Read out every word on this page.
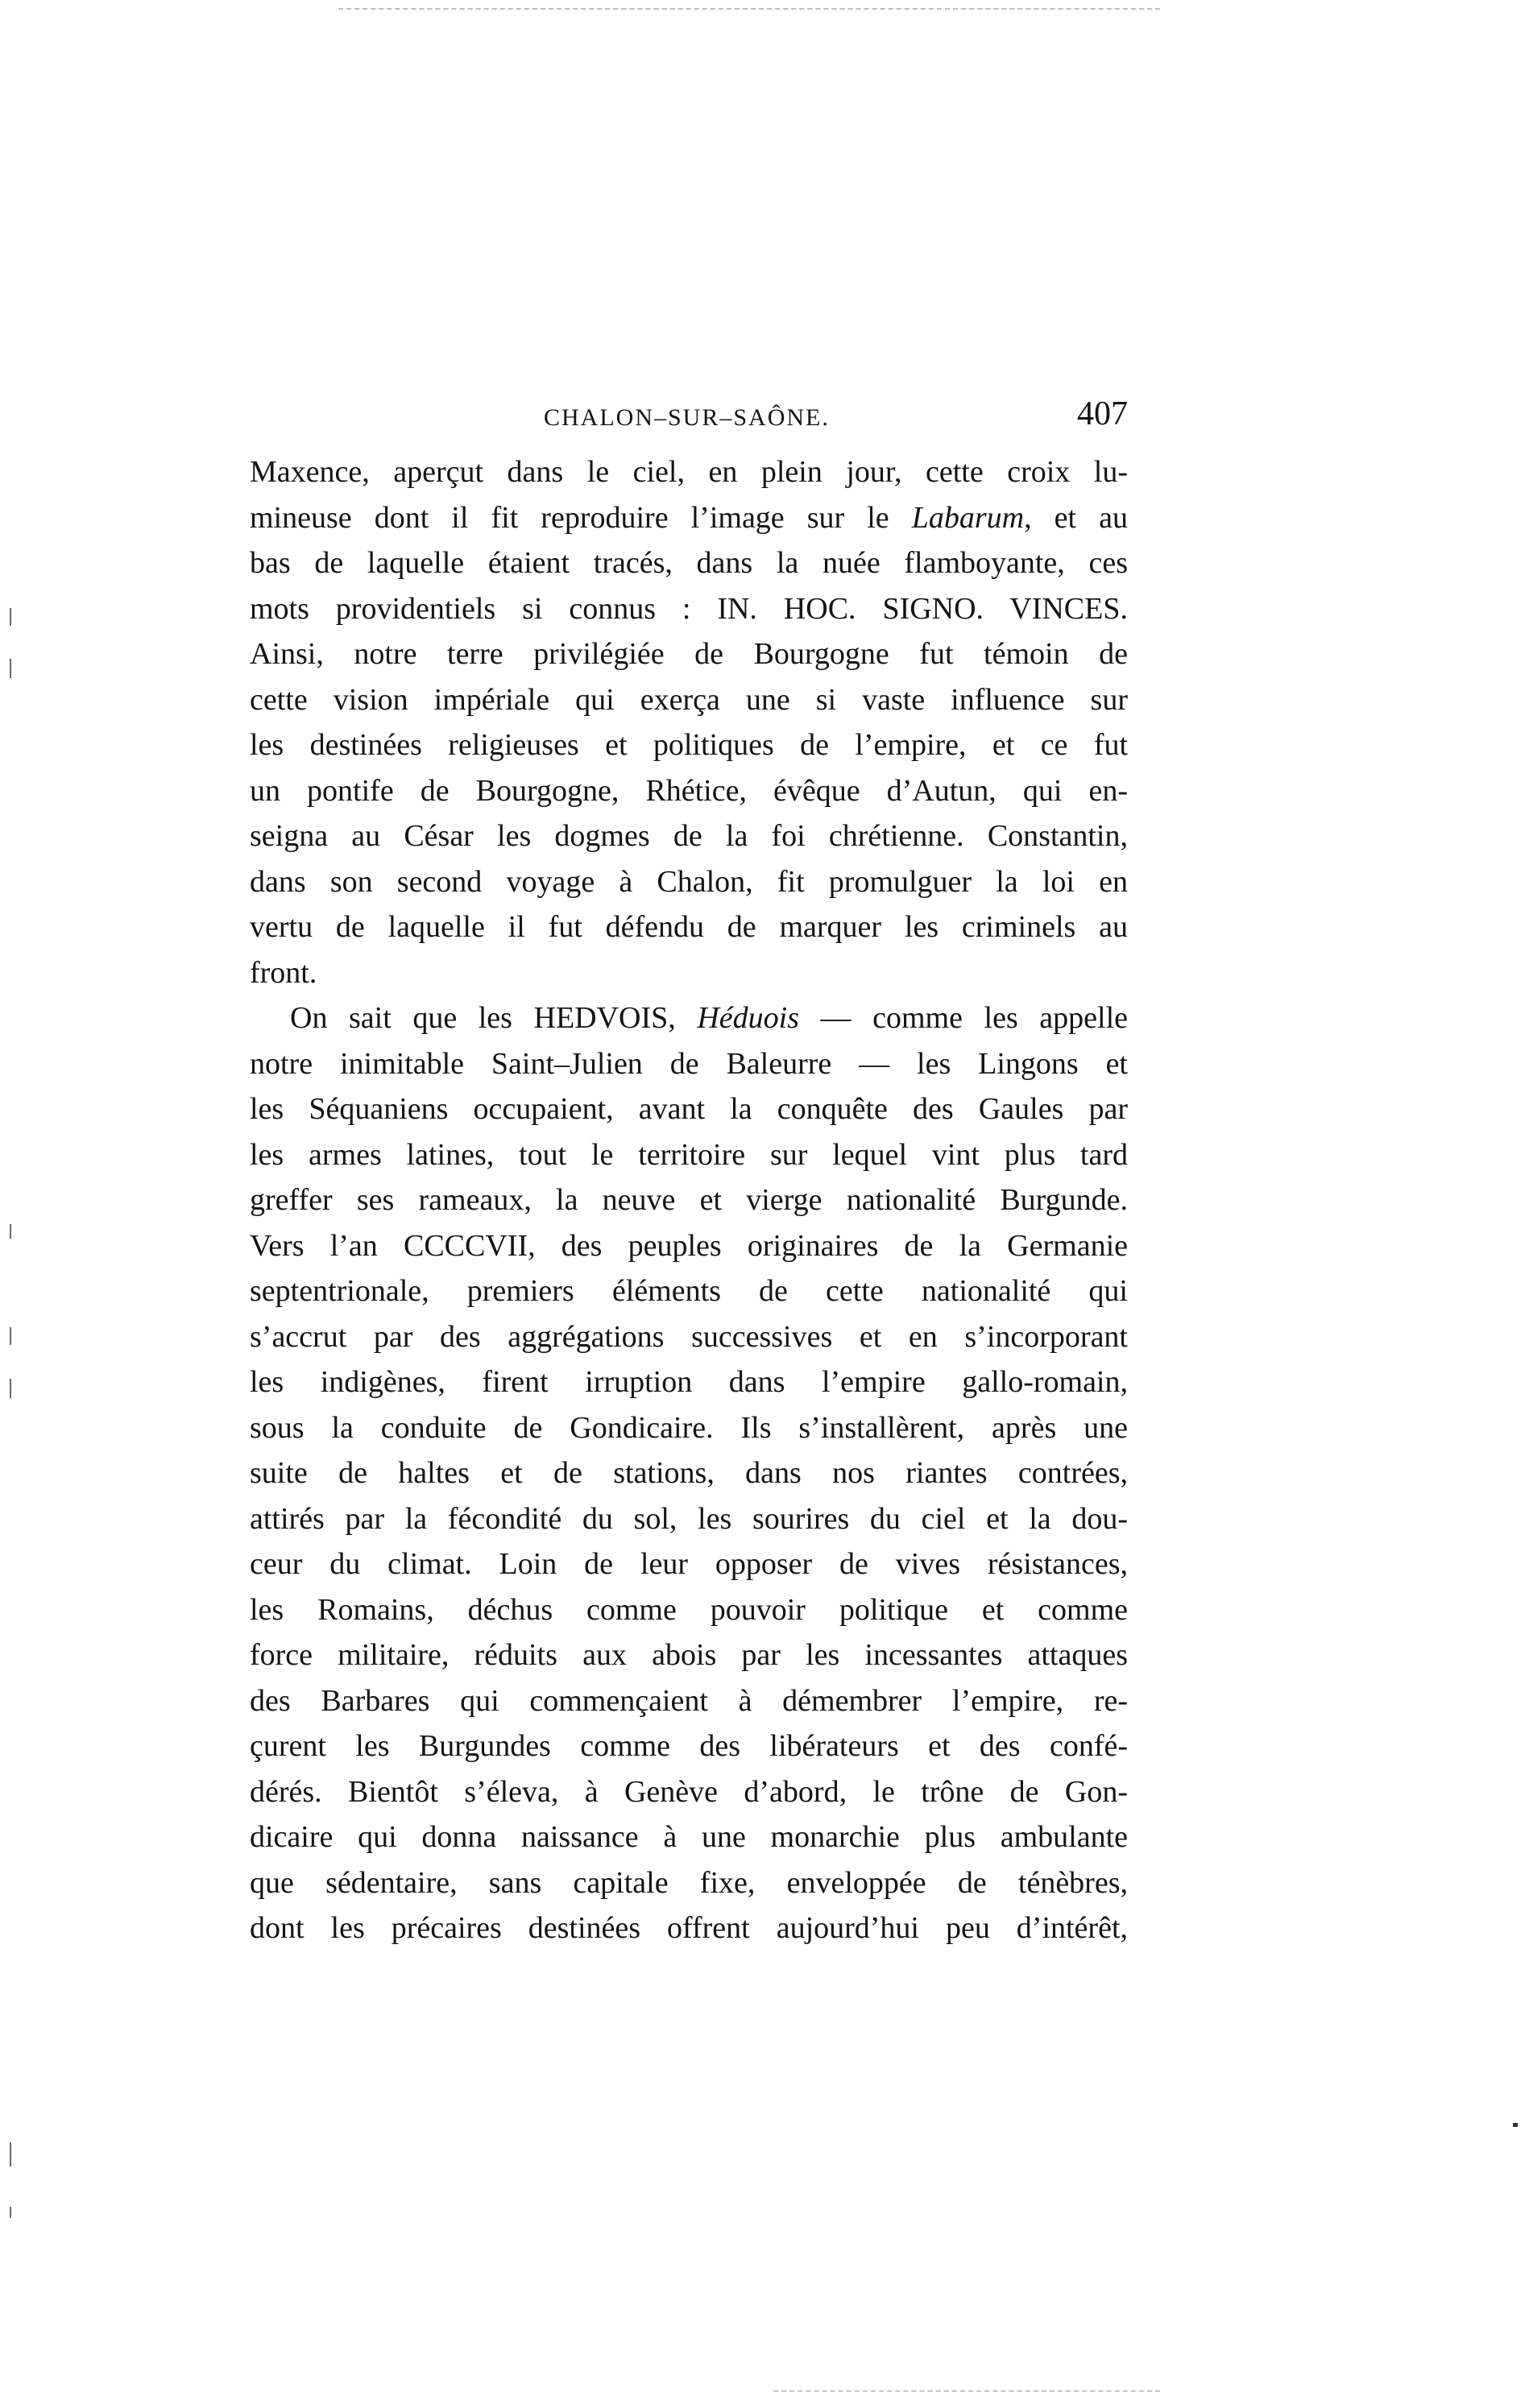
CHALON–SUR–SAÔNE.	407
Maxence, aperçut dans le ciel, en plein jour, cette croix lu-
mineuse dont il fit reproduire l’image sur le Labarum, et au
bas de laquelle étaient tracés, dans la nuée flamboyante, ces
mots providentiels si connus : IN. HOC. SIGNO. VINCES.
Ainsi, notre terre privilégiée de Bourgogne fut témoin de
cette vision impériale qui exerça une si vaste influence sur
les destinées religieuses et politiques de l’empire, et ce fut
un pontife de Bourgogne, Rhétice, évêque d’Autun, qui en-
seigna au César les dogmes de la foi chrétienne. Constantin,
dans son second voyage à Chalon, fit promulguer la loi en
vertu de laquelle il fut défendu de marquer les criminels au
front.
On sait que les HEDVOIS, Héduois — comme les appelle
notre inimitable Saint–Julien de Baleurre — les Lingons et
les Séquaniens occupaient, avant la conquête des Gaules par
les armes latines, tout le territoire sur lequel vint plus tard
greffer ses rameaux, la neuve et vierge nationalité Burgunde.
Vers l’an CCCCVII, des peuples originaires de la Germanie
septentrionale, premiers éléments de cette nationalité qui
s’accrut par des aggrégations successives et en s’incorporant
les indigènes, firent irruption dans l’empire gallo-romain,
sous la conduite de Gondicaire. Ils s’installèrent, après une
suite de haltes et de stations, dans nos riantes contrées,
attirés par la fécondité du sol, les sourires du ciel et la dou-
ceur du climat. Loin de leur opposer de vives résistances,
les Romains, déchus comme pouvoir politique et comme
force militaire, réduits aux abois par les incessantes attaques
des Barbares qui commençaient à démembrer l’empire, re-
çurent les Burgundes comme des libérateurs et des confé-
dérés. Bientôt s’éleva, à Genève d’abord, le trône de Gon-
dicaire qui donna naissance à une monarchie plus ambulante
que sédentaire, sans capitale fixe, enveloppée de ténèbres,
dont les précaires destinées offrent aujourd’hui peu d’intérêt,
